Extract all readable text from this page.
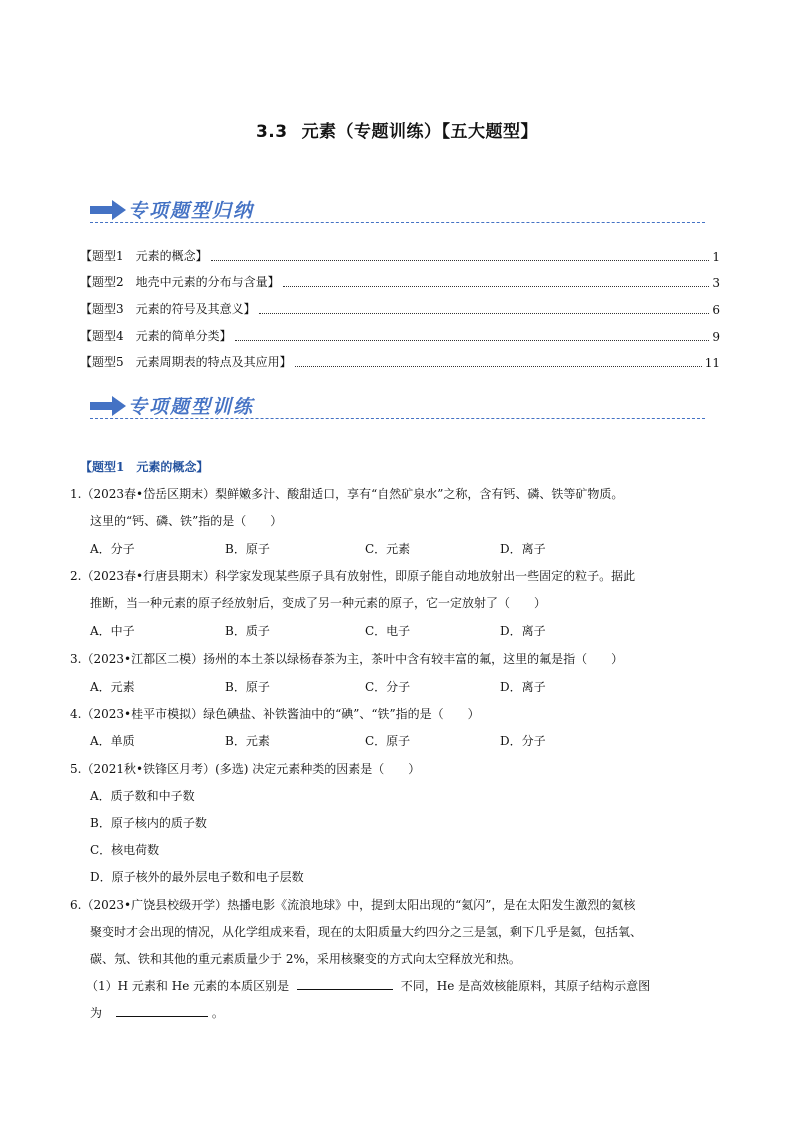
3.3 元素（专题训练）【五大题型】
专项题型归纳
【题型1　元素的概念】	1
【题型2　地壳中元素的分布与含量】	3
【题型3　元素的符号及其意义】	6
【题型4　元素的简单分类】	9
【题型5　元素周期表的特点及其应用】	11
专项题型训练
【题型1　元素的概念】
1.（2023春•岱岳区期末）梨鲜嫩多汁、酸甜适口，享有“自然矿泉水”之称，含有钙、磷、铁等矿物质。
这里的“钙、磷、铁”指的是（　　）
A．分子	B．原子	C．元素	D．离子
2.（2023春•行唐县期末）科学家发现某些原子具有放射性，即原子能自动地放射出一些固定的粒子。据此
推断，当一种元素的原子经放射后，变成了另一种元素的原子，它一定放射了（　　）
A．中子	B．质子	C．电子	D．离子
3.（2023•江都区二模）扬州的本土茶以绿杨春茶为主，茶叶中含有较丰富的氟，这里的氟是指（　　）
A．元素	B．原子	C．分子	D．离子
4.（2023•桂平市模拟）绿色碘盐、补铁酱油中的“碘”、“铁”指的是（　　）
A．单质	B．元素	C．原子	D．分子
5.（2021秋•铁锋区月考）(多选) 决定元素种类的因素是（　　）
A．质子数和中子数
B．原子核内的质子数
C．核电荷数
D．原子核外的最外层电子数和电子层数
6.（2023•广饶县校级开学）热播电影《流浪地球》中，提到太阳出现的“氦闪”，是在太阳发生激烈的氦核
聚变时才会出现的情况，从化学组成来看，现在的太阳质量大约四分之三是氢，剩下几乎是氦，包括氧、
碳、氖、铁和其他的重元素质量少于 2%，采用核聚变的方式向太空释放光和热。
（1）H 元素和 He 元素的本质区别是	不同，He 是高效核能原料，其原子结构示意图
为	。
